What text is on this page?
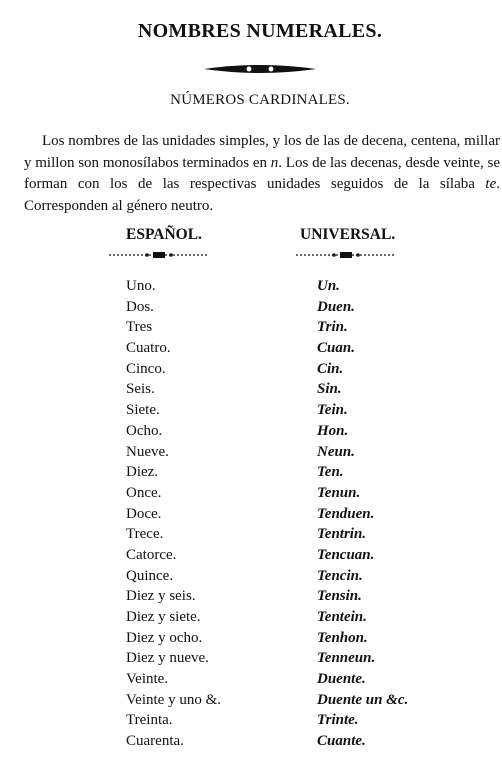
NOMBRES NUMERALES.
NÚMEROS CARDINALES.

Los nombres de las unidades simples, y los de las de decena, centena, millar y millon son monosílabos terminados en n. Los de las decenas, desde veinte, se forman con los de las respectivas unidades seguidos de la sílaba te. Corresponden al género neutro.

ESPAÑOL.	UNIVERSAL.
Uno.
Dos.
Tres
Cuatro.
Cinco.
Seis.
Siete.
Ocho.
Nueve.
Diez.
Once.
Doce.
Trece.
Catorce.
Quince.
Diez y seis.
Diez y siete.
Diez y ocho.
Diez y nueve.
Veinte.
Veinte y uno &.
Treinta.
Cuarenta.
Un.
Duen.
Trin.
Cuan.
Cin.
Sin.
Tein.
Hon.
Neun.
Ten.
Tenun.
Tenduen.
Tentrin.
Tencuan.
Tencin.
Tensin.
Tentein.
Tenhon.
Tenneun.
Duente.
Duente un &c.
Trinte.
Cuante.
